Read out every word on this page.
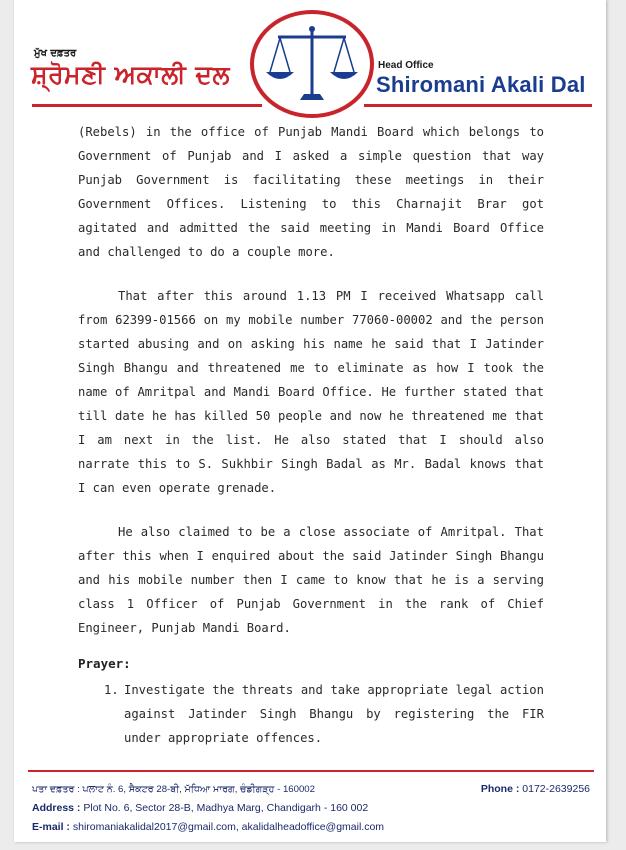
ਮੁੱਖ ਦਫ਼ਤਰ
ਸ਼੍ਰੋਮਣੀ ਅਕਾਲੀ ਦਲ	Head Office
Shiromani Akali Dal

(Rebels) in the office of Punjab Mandi Board which belongs to Government of Punjab and I asked a simple question that way Punjab Government is facilitating these meetings in their Government Offices. Listening to this Charnajit Brar got agitated and admitted the said meeting in Mandi Board Office and challenged to do a couple more.

That after this around 1.13 PM I received Whatsapp call from 62399-01566 on my mobile number 77060-00002 and the person started abusing and on asking his name he said that I Jatinder Singh Bhangu and threatened me to eliminate as how I took the name of Amritpal and Mandi Board Office. He further stated that till date he has killed 50 people and now he threatened me that I am next in the list. He also stated that I should also narrate this to S. Sukhbir Singh Badal as Mr. Badal knows that I can even operate grenade.

He also claimed to be a close associate of Amritpal. That after this when I enquired about the said Jatinder Singh Bhangu and his mobile number then I came to know that he is a serving class 1 Officer of Punjab Government in the rank of Chief Engineer, Punjab Mandi Board.

Prayer:
1. Investigate the threats and take appropriate legal action against Jatinder Singh Bhangu by registering the FIR under appropriate offences.
ਪਤਾ ਦਫ਼ਤਰ : ਪਲਾਟ ਨੰ. 6, ਸੈਕਟਰ 28-ਬੀ, ਮੱਧਿਆ ਮਾਰਗ, ਚੰਡੀਗੜ੍ਹ - 160002	Phone : 0172-2639256
Address : Plot No. 6, Sector 28-B, Madhya Marg, Chandigarh - 160 002
E-mail : shiromaniakalidal2017@gmail.com, akalidalheadoffice@gmail.com
